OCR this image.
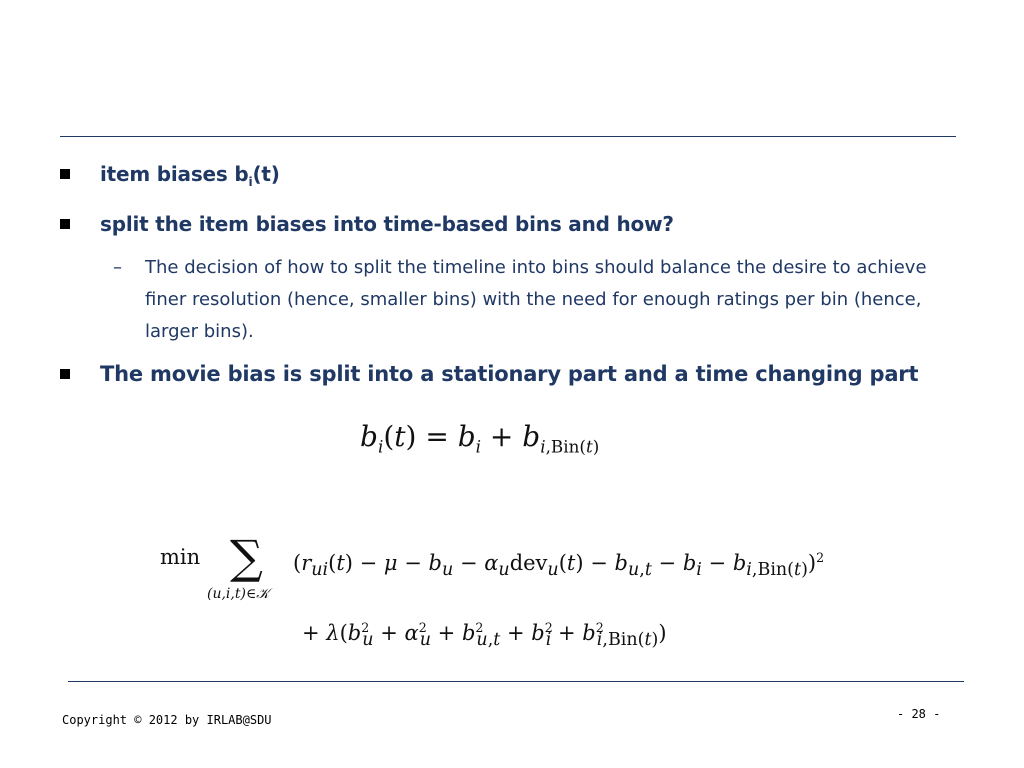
item biases $b_i(t)$
split the item biases into time-based bins and how?
–	The decision of how to split the timeline into bins should balance the desire to achieve finer resolution (hence, smaller bins) with the need for enough ratings per bin (hence, larger bins).
The movie bias is split into a stationary part and a time changing part
$b_i(t) = b_i + b_{i,Bin(t)}$
min ∑
(u,i,t)∈𝒦
$(r_{ui}(t) - \mu - b_u - \alpha_udev_u(t) - b_{u,t} - b_i - b_{i,Bin(t)})^2$
+ $\lambda(b^2_u + \alpha^2_u + b^2_{u,t} + b^2_i + b^2_{i,Bin(t)})$
Copyright © 2012 by IRLAB@SDU	- 28 -
